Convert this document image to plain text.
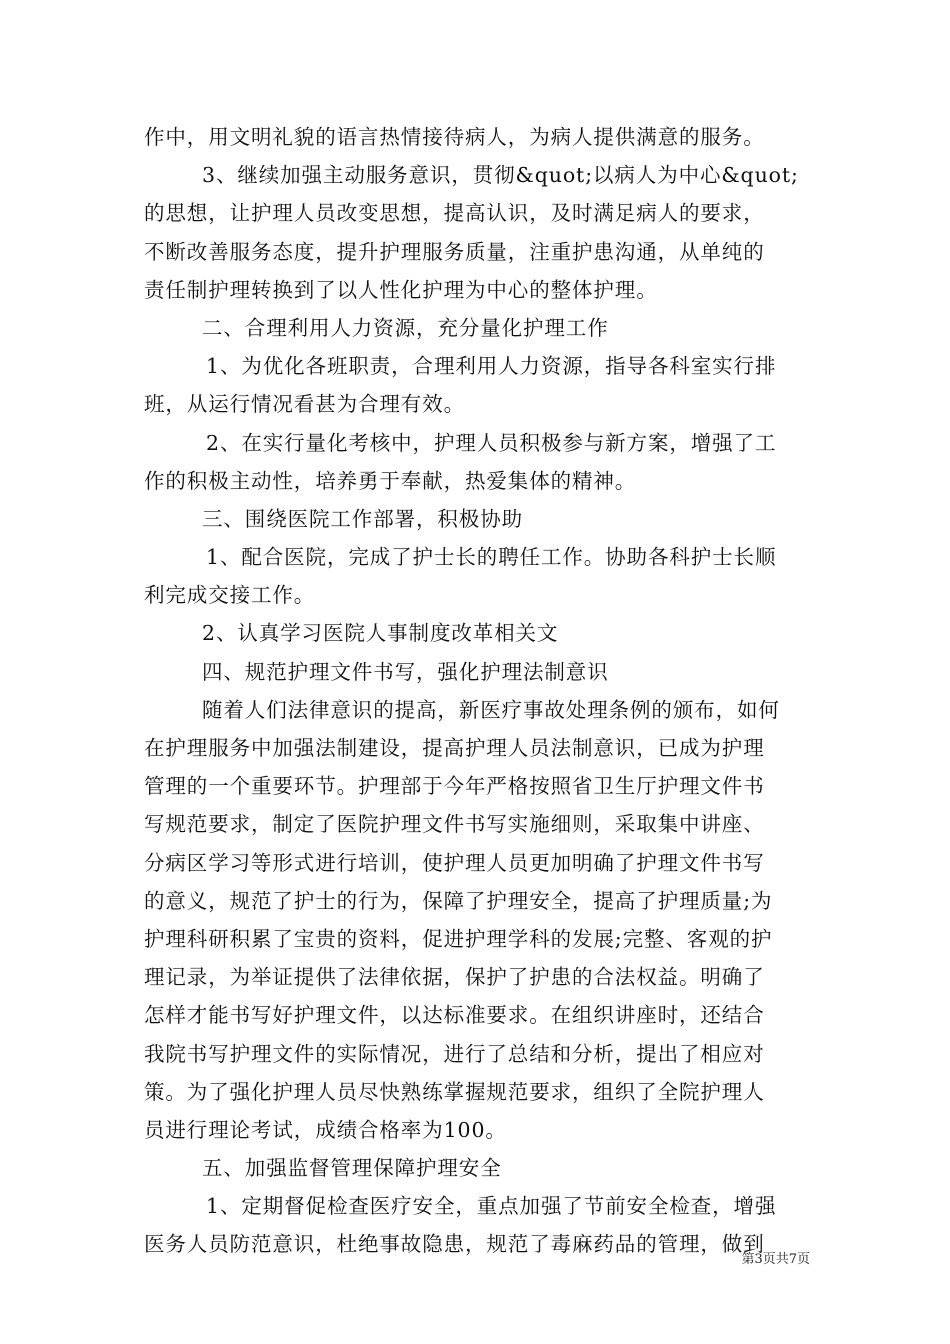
作中，用文明礼貌的语言热情接待病人，为病人提供满意的服务。
3、继续加强主动服务意识，贯彻&quot;以病人为中心&quot;
的思想，让护理人员改变思想，提高认识，及时满足病人的要求，
不断改善服务态度，提升护理服务质量，注重护患沟通，从单纯的
责任制护理转换到了以人性化护理为中心的整体护理。
二、合理利用人力资源，充分量化护理工作
1、为优化各班职责，合理利用人力资源，指导各科室实行排
班，从运行情况看甚为合理有效。
2、在实行量化考核中，护理人员积极参与新方案，增强了工
作的积极主动性，培养勇于奉献，热爱集体的精神。
三、围绕医院工作部署，积极协助
1、配合医院，完成了护士长的聘任工作。协助各科护士长顺
利完成交接工作。
2、认真学习医院人事制度改革相关文
四、规范护理文件书写，强化护理法制意识
随着人们法律意识的提高，新医疗事故处理条例的颁布，如何
在护理服务中加强法制建设，提高护理人员法制意识，已成为护理
管理的一个重要环节。护理部于今年严格按照省卫生厅护理文件书
写规范要求，制定了医院护理文件书写实施细则，采取集中讲座、
分病区学习等形式进行培训，使护理人员更加明确了护理文件书写
的意义，规范了护士的行为，保障了护理安全，提高了护理质量;为
护理科研积累了宝贵的资料，促进护理学科的发展;完整、客观的护
理记录，为举证提供了法律依据，保护了护患的合法权益。明确了
怎样才能书写好护理文件，以达标准要求。在组织讲座时，还结合
我院书写护理文件的实际情况，进行了总结和分析，提出了相应对
策。为了强化护理人员尽快熟练掌握规范要求，组织了全院护理人
员进行理论考试，成绩合格率为100。
五、加强监督管理保障护理安全
1、定期督促检查医疗安全，重点加强了节前安全检查，增强
医务人员防范意识，杜绝事故隐患，规范了毒麻药品的管理，做到
第3页共7页
